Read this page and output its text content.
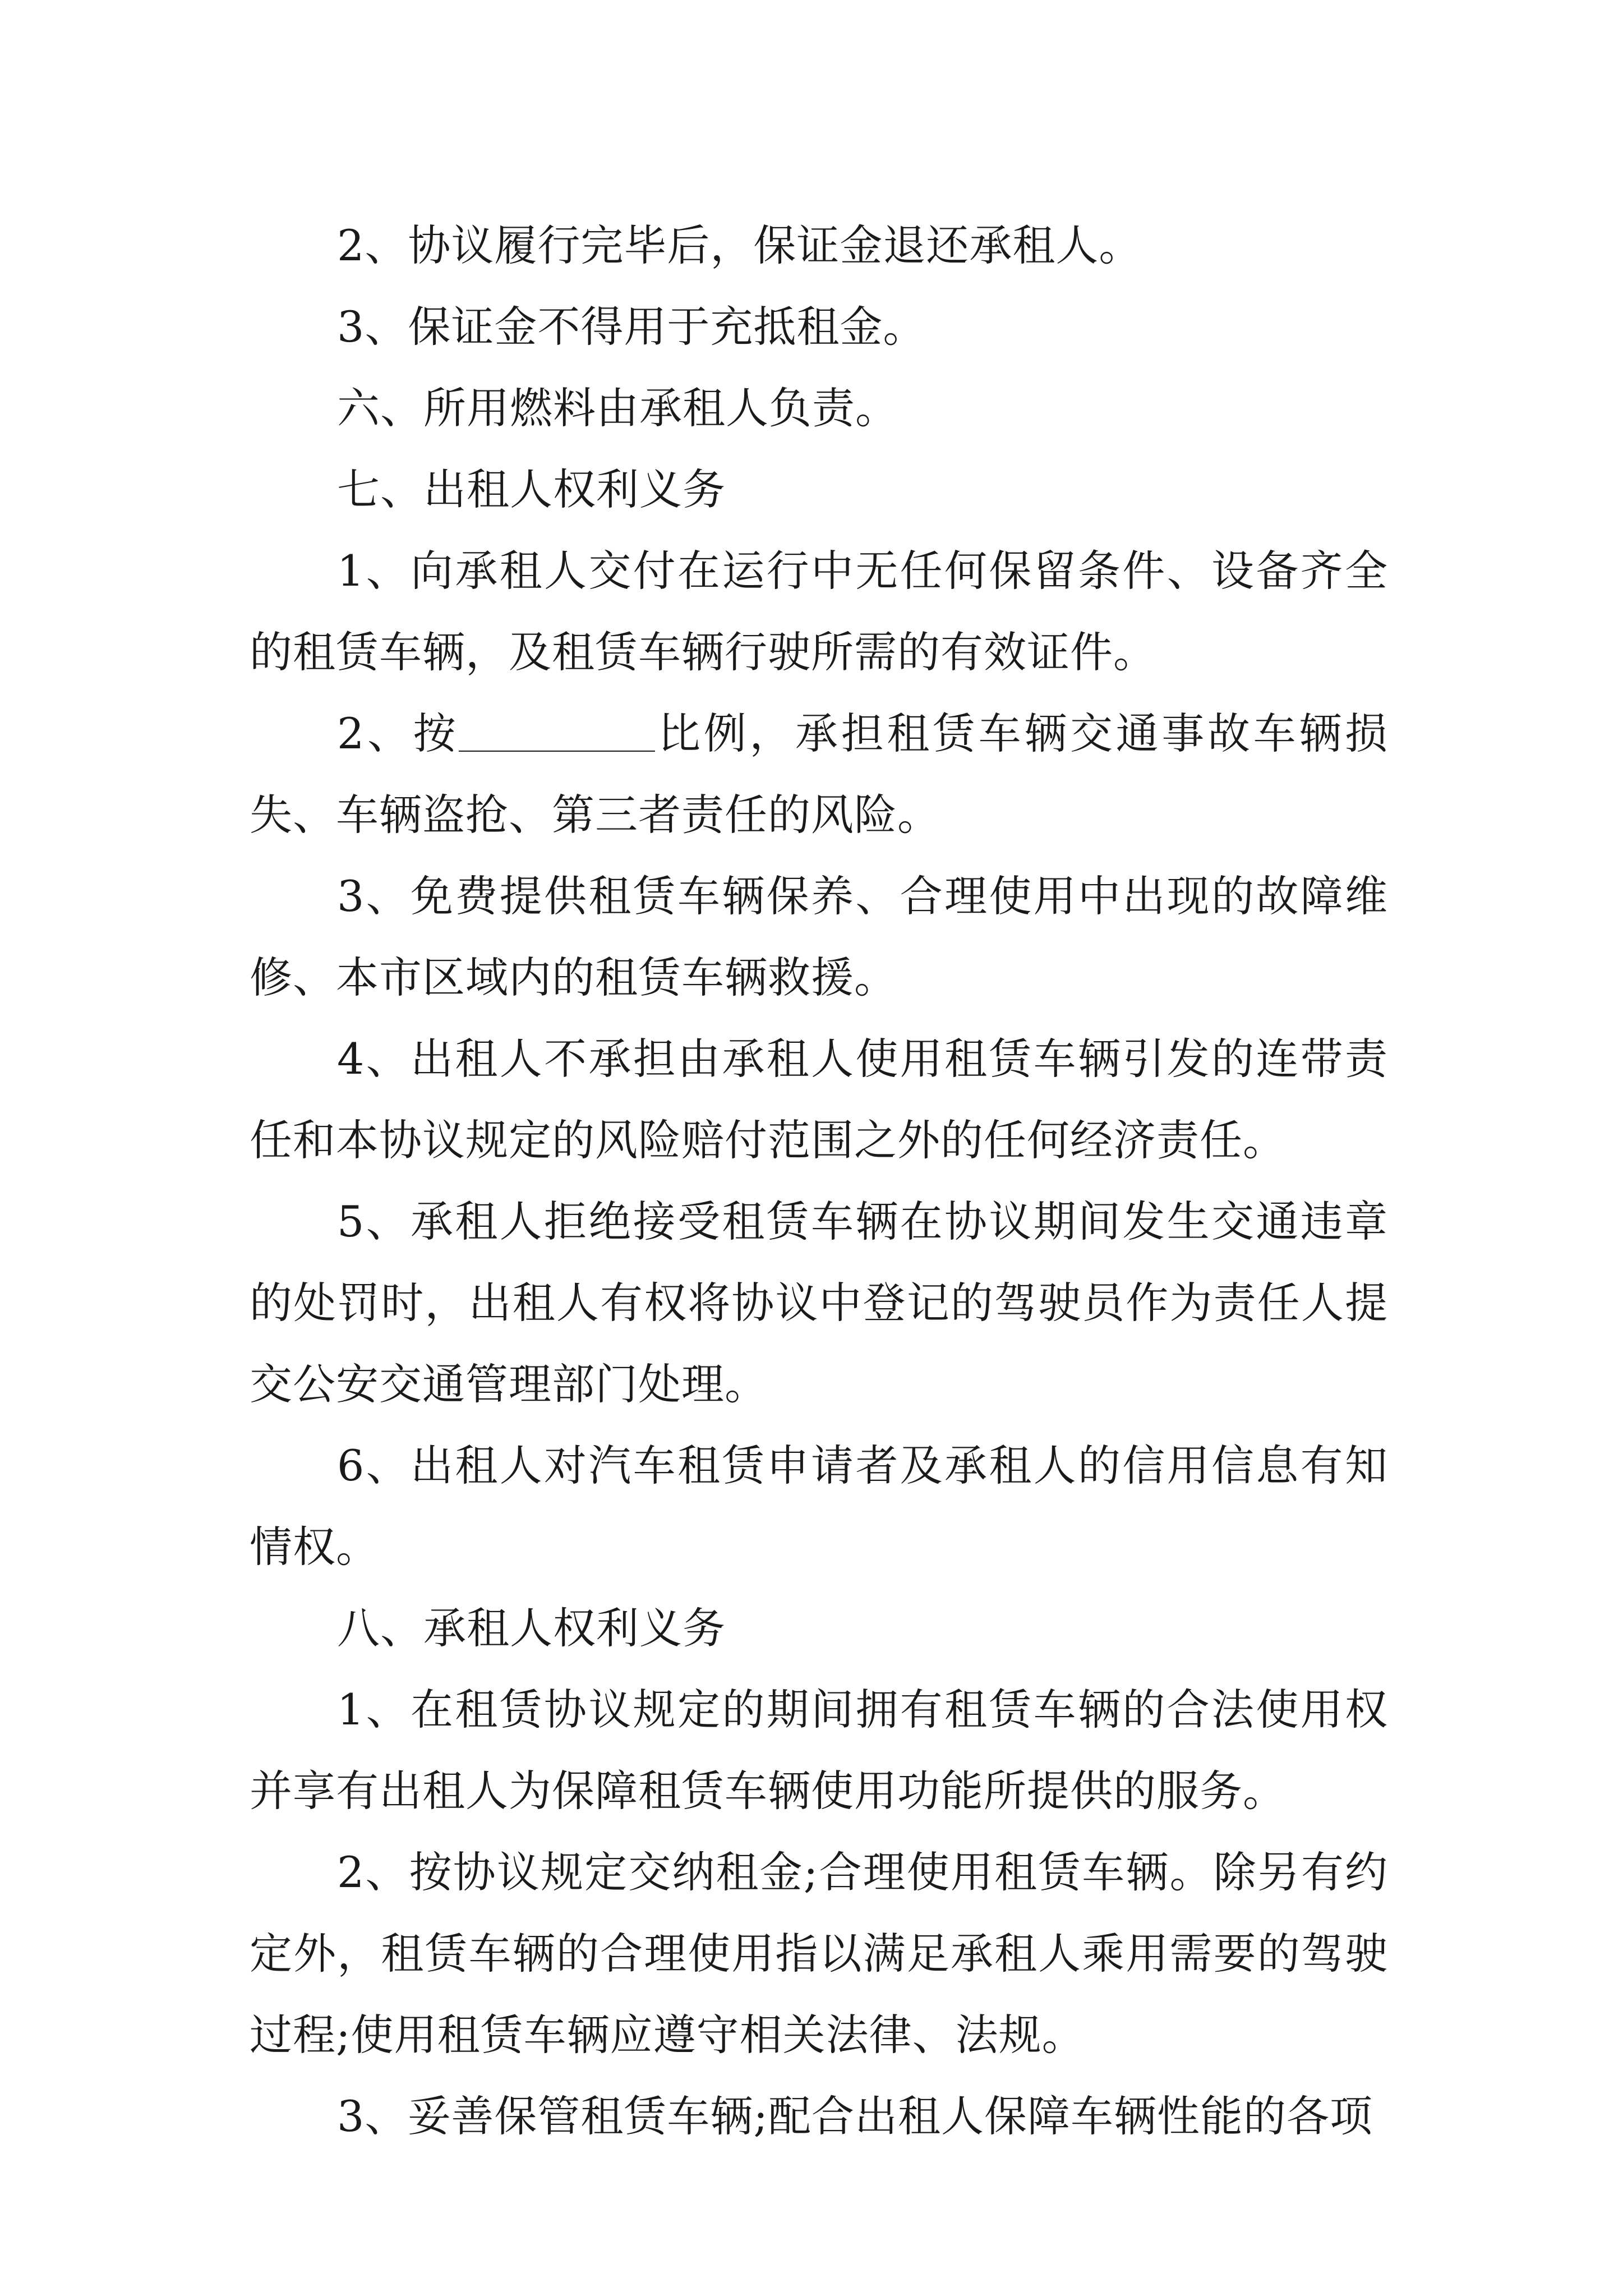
2、协议履行完毕后，保证金退还承租人。

3、保证金不得用于充抵租金。

六、所用燃料由承租人负责。

七、出租人权利义务

1、向承租人交付在运行中无任何保留条件、设备齐全的租赁车辆，及租赁车辆行驶所需的有效证件。

2、按	比例，承担租赁车辆交通事故车辆损失、车辆盗抢、第三者责任的风险。

3、免费提供租赁车辆保养、合理使用中出现的故障维修、本市区域内的租赁车辆救援。

4、出租人不承担由承租人使用租赁车辆引发的连带责任和本协议规定的风险赔付范围之外的任何经济责任。

5、承租人拒绝接受租赁车辆在协议期间发生交通违章的处罚时，出租人有权将协议中登记的驾驶员作为责任人提交公安交通管理部门处理。

6、出租人对汽车租赁申请者及承租人的信用信息有知情权。

八、承租人权利义务

1、在租赁协议规定的期间拥有租赁车辆的合法使用权并享有出租人为保障租赁车辆使用功能所提供的服务。

2、按协议规定交纳租金;合理使用租赁车辆。除另有约定外，租赁车辆的合理使用指以满足承租人乘用需要的驾驶过程;使用租赁车辆应遵守相关法律、法规。

3、妥善保管租赁车辆;配合出租人保障车辆性能的各项
